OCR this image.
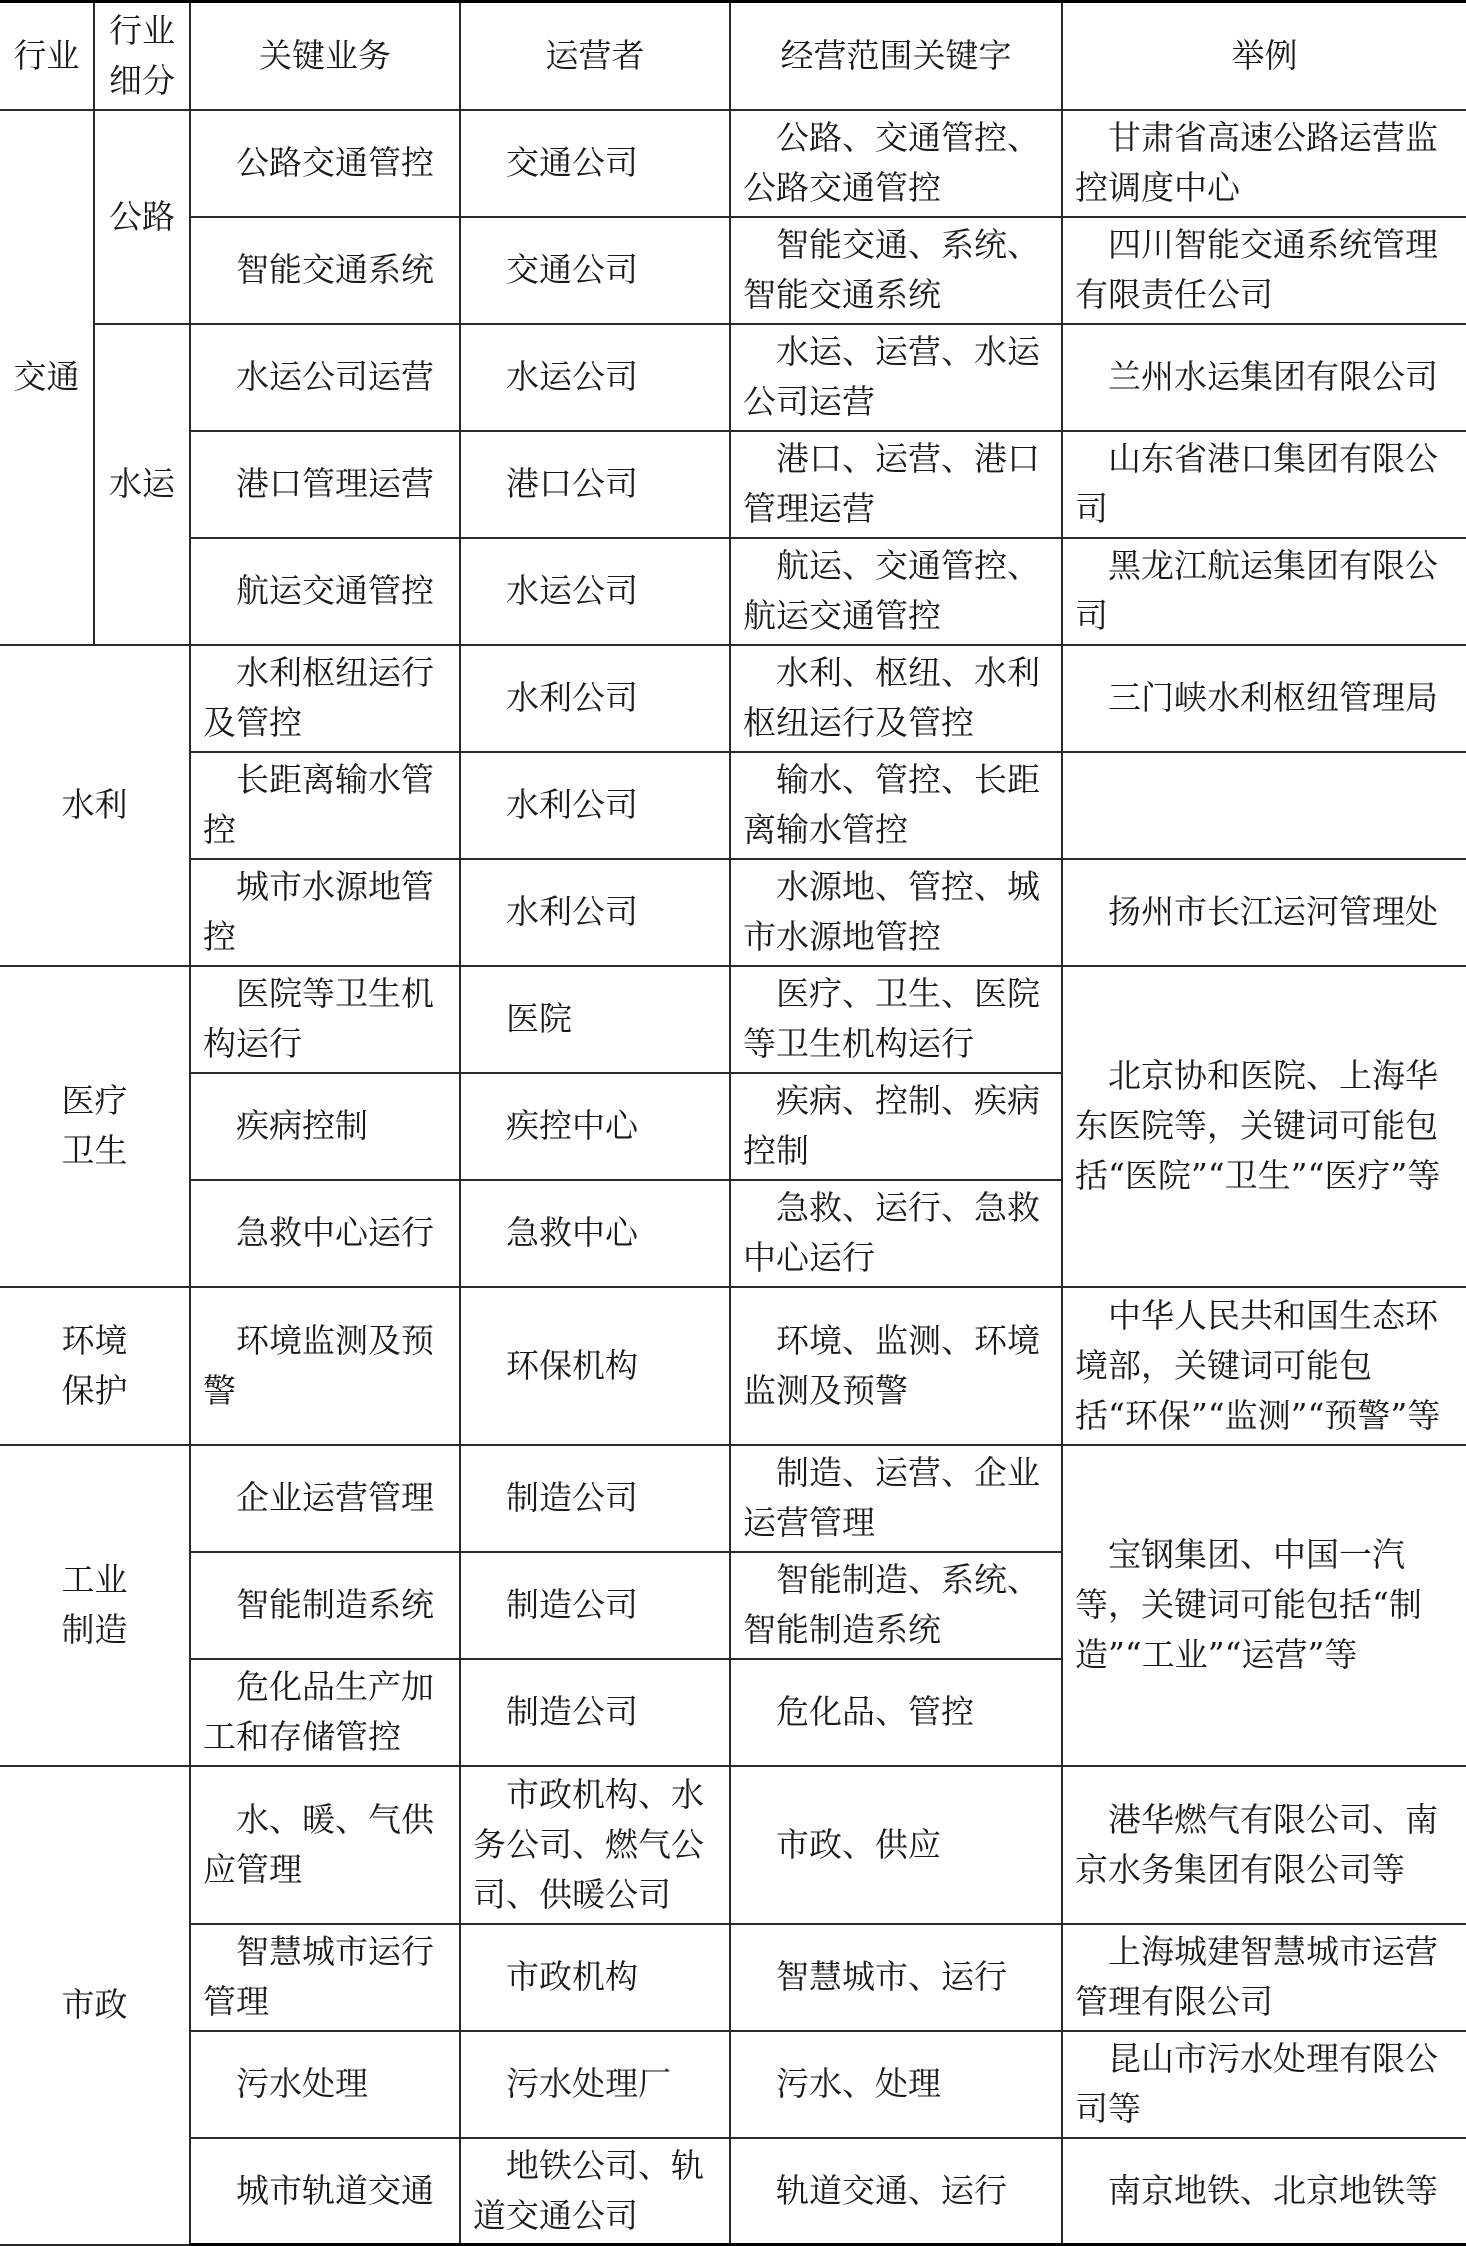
行业	行业细分	关键业务	运营者	经营范围关键字	举例
交通	公路	公路交通管控	交通公司	公路、交通管控、公路交通管控	甘肃省高速公路运营监控调度中心
		智能交通系统	交通公司	智能交通、系统、智能交通系统	四川智能交通系统管理有限责任公司
	水运	水运公司运营	水运公司	水运、运营、水运公司运营	兰州水运集团有限公司
		港口管理运营	港口公司	港口、运营、港口管理运营	山东省港口集团有限公司
		航运交通管控	水运公司	航运、交通管控、航运交通管控	黑龙江航运集团有限公司
水利		水利枢纽运行及管控	水利公司	水利、枢纽、水利枢纽运行及管控	三门峡水利枢纽管理局
		长距离输水管控	水利公司	输水、管控、长距离输水管控	
		城市水源地管控	水利公司	水源地、管控、城市水源地管控	扬州市长江运河管理处
医疗卫生		医院等卫生机构运行	医院	医疗、卫生、医院等卫生机构运行	北京协和医院、上海华东医院等，关键词可能包括“医院”“卫生”“医疗”等
		疾病控制	疾控中心	疾病、控制、疾病控制	
		急救中心运行	急救中心	急救、运行、急救中心运行	
环境保护		环境监测及预警	环保机构	环境、监测、环境监测及预警	中华人民共和国生态环境部，关键词可能包括“环保”“监测”“预警”等
工业制造		企业运营管理	制造公司	制造、运营、企业运营管理	宝钢集团、中国一汽等，关键词可能包括“制造”“工业”“运营”等
		智能制造系统	制造公司	智能制造、系统、智能制造系统	
		危化品生产加工和存储管控	制造公司	危化品、管控	
市政		水、暖、气供应管理	市政机构、水务公司、燃气公司、供暖公司	市政、供应	港华燃气有限公司、南京水务集团有限公司等
		智慧城市运行管理	市政机构	智慧城市、运行	上海城建智慧城市运营管理有限公司
		污水处理	污水处理厂	污水、处理	昆山市污水处理有限公司等
		城市轨道交通	地铁公司、轨道交通公司	轨道交通、运行	南京地铁、北京地铁等
